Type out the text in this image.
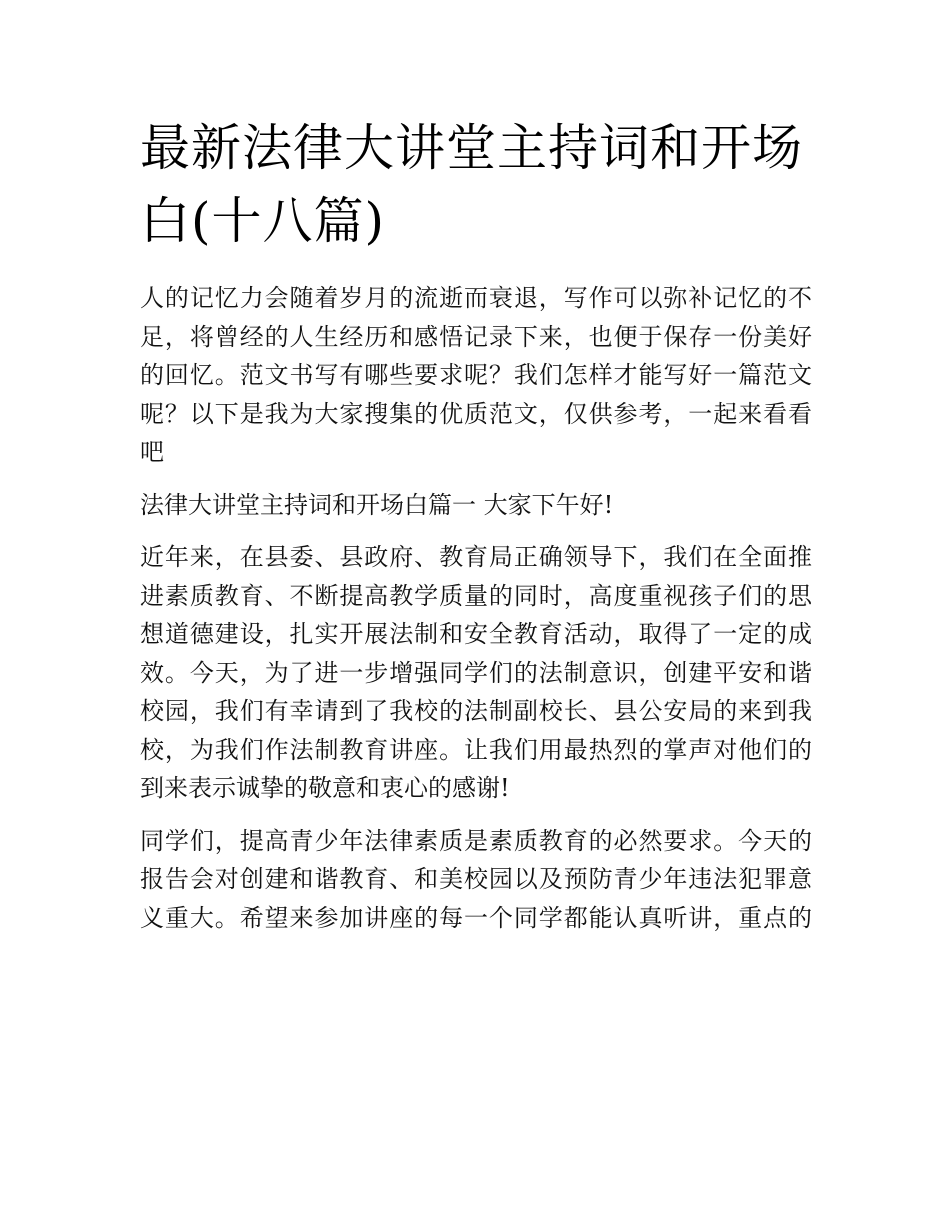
最新法律大讲堂主持词和开场
白(十八篇)
人的记忆力会随着岁月的流逝而衰退，写作可以弥补记忆的不
足，将曾经的人生经历和感悟记录下来，也便于保存一份美好
的回忆。范文书写有哪些要求呢？我们怎样才能写好一篇范文
呢？以下是我为大家搜集的优质范文，仅供参考，一起来看看
吧
法律大讲堂主持词和开场白篇一 大家下午好!
近年来，在县委、县政府、教育局正确领导下，我们在全面推
进素质教育、不断提高教学质量的同时，高度重视孩子们的思
想道德建设，扎实开展法制和安全教育活动，取得了一定的成
效。今天，为了进一步增强同学们的法制意识，创建平安和谐
校园，我们有幸请到了我校的法制副校长、县公安局的来到我
校，为我们作法制教育讲座。让我们用最热烈的掌声对他们的
到来表示诚挚的敬意和衷心的感谢!
同学们，提高青少年法律素质是素质教育的必然要求。今天的
报告会对创建和谐教育、和美校园以及预防青少年违法犯罪意
义重大。希望来参加讲座的每一个同学都能认真听讲，重点的
